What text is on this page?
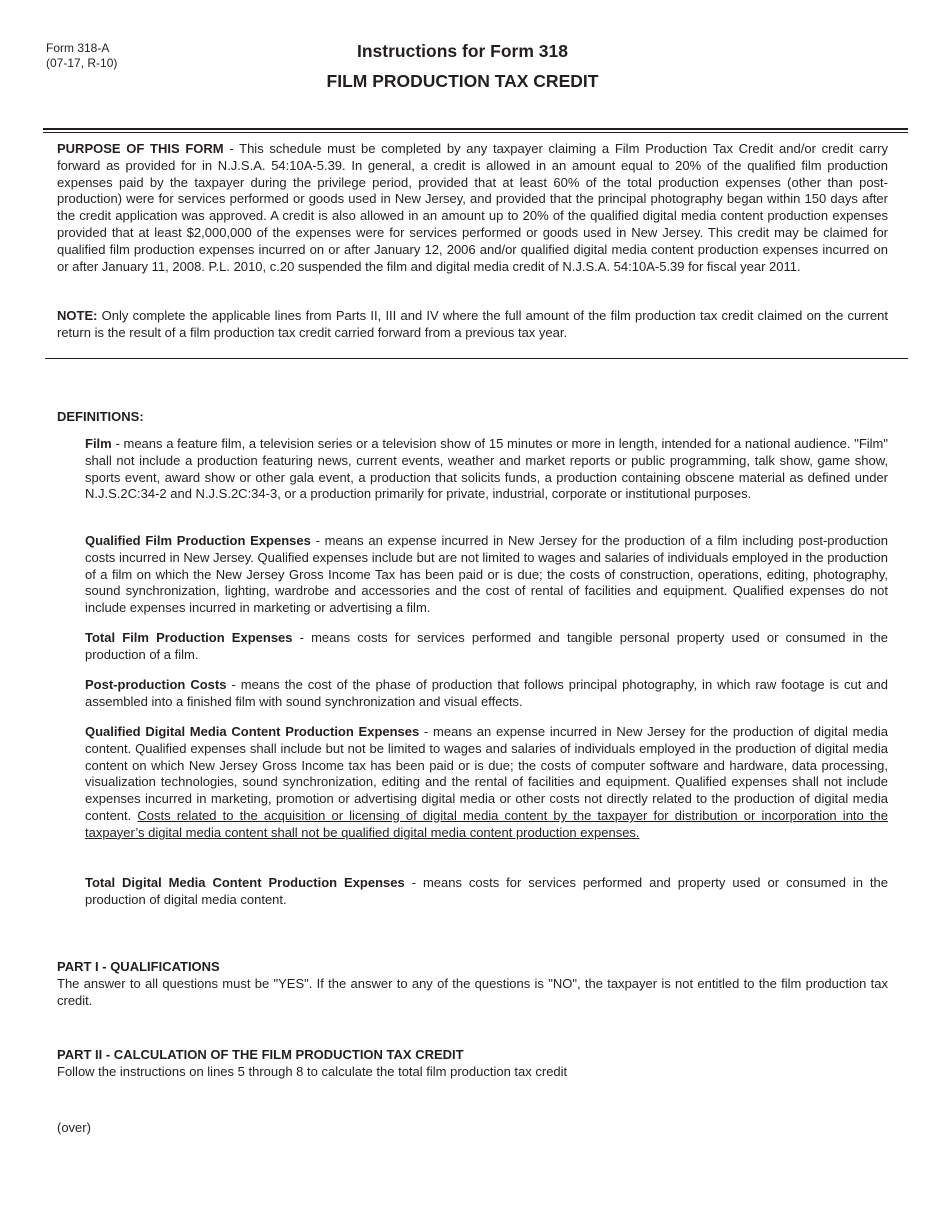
Form 318-A
(07-17, R-10)
Instructions for Form 318
FILM PRODUCTION TAX CREDIT

PURPOSE OF THIS FORM - This schedule must be completed by any taxpayer claiming a Film Production Tax Credit and/or credit carry forward as provided for in N.J.S.A. 54:10A-5.39. In general, a credit is allowed in an amount equal to 20% of the qualified film production expenses paid by the taxpayer during the privilege period, provided that at least 60% of the total production expenses (other than post-production) were for services performed or goods used in New Jersey, and provided that the principal photography began within 150 days after the credit application was approved. A credit is also allowed in an amount up to 20% of the qualified digital media content production expenses provided that at least $2,000,000 of the expenses were for services performed or goods used in New Jersey. This credit may be claimed for qualified film production expenses incurred on or after January 12, 2006 and/or qualified digital media content production expenses incurred on or after January 11, 2008. P.L. 2010, c.20 suspended the film and digital media credit of N.J.S.A. 54:10A-5.39 for fiscal year 2011.

NOTE: Only complete the applicable lines from Parts II, III and IV where the full amount of the film production tax credit claimed on the current return is the result of a film production tax credit carried forward from a previous tax year.

DEFINITIONS:

Film - means a feature film, a television series or a television show of 15 minutes or more in length, intended for a national audience. "Film" shall not include a production featuring news, current events, weather and market reports or public programming, talk show, game show, sports event, award show or other gala event, a production that solicits funds, a production containing obscene material as defined under N.J.S.2C:34-2 and N.J.S.2C:34-3, or a production primarily for private, industrial, corporate or institutional purposes.

Qualified Film Production Expenses - means an expense incurred in New Jersey for the production of a film including post-production costs incurred in New Jersey. Qualified expenses include but are not limited to wages and salaries of individuals employed in the production of a film on which the New Jersey Gross Income Tax has been paid or is due; the costs of construction, operations, editing, photography, sound synchronization, lighting, wardrobe and accessories and the cost of rental of facilities and equipment. Qualified expenses do not include expenses incurred in marketing or advertising a film.

Total Film Production Expenses - means costs for services performed and tangible personal property used or consumed in the production of a film.

Post-production Costs - means the cost of the phase of production that follows principal photography, in which raw footage is cut and assembled into a finished film with sound synchronization and visual effects.

Qualified Digital Media Content Production Expenses - means an expense incurred in New Jersey for the production of digital media content. Qualified expenses shall include but not be limited to wages and salaries of individuals employed in the production of digital media content on which New Jersey Gross Income tax has been paid or is due; the costs of computer software and hardware, data processing, visualization technologies, sound synchronization, editing and the rental of facilities and equipment. Qualified expenses shall not include expenses incurred in marketing, promotion or advertising digital media or other costs not directly related to the production of digital media content. Costs related to the acquisition or licensing of digital media content by the taxpayer for distribution or incorporation into the taxpayer’s digital media content shall not be qualified digital media content production expenses.

Total Digital Media Content Production Expenses - means costs for services performed and property used or consumed in the production of digital media content.

PART I - QUALIFICATIONS
The answer to all questions must be "YES". If the answer to any of the questions is "NO", the taxpayer is not entitled to the film production tax credit.

PART II - CALCULATION OF THE FILM PRODUCTION TAX CREDIT
Follow the instructions on lines 5 through 8 to calculate the total film production tax credit

(over)
